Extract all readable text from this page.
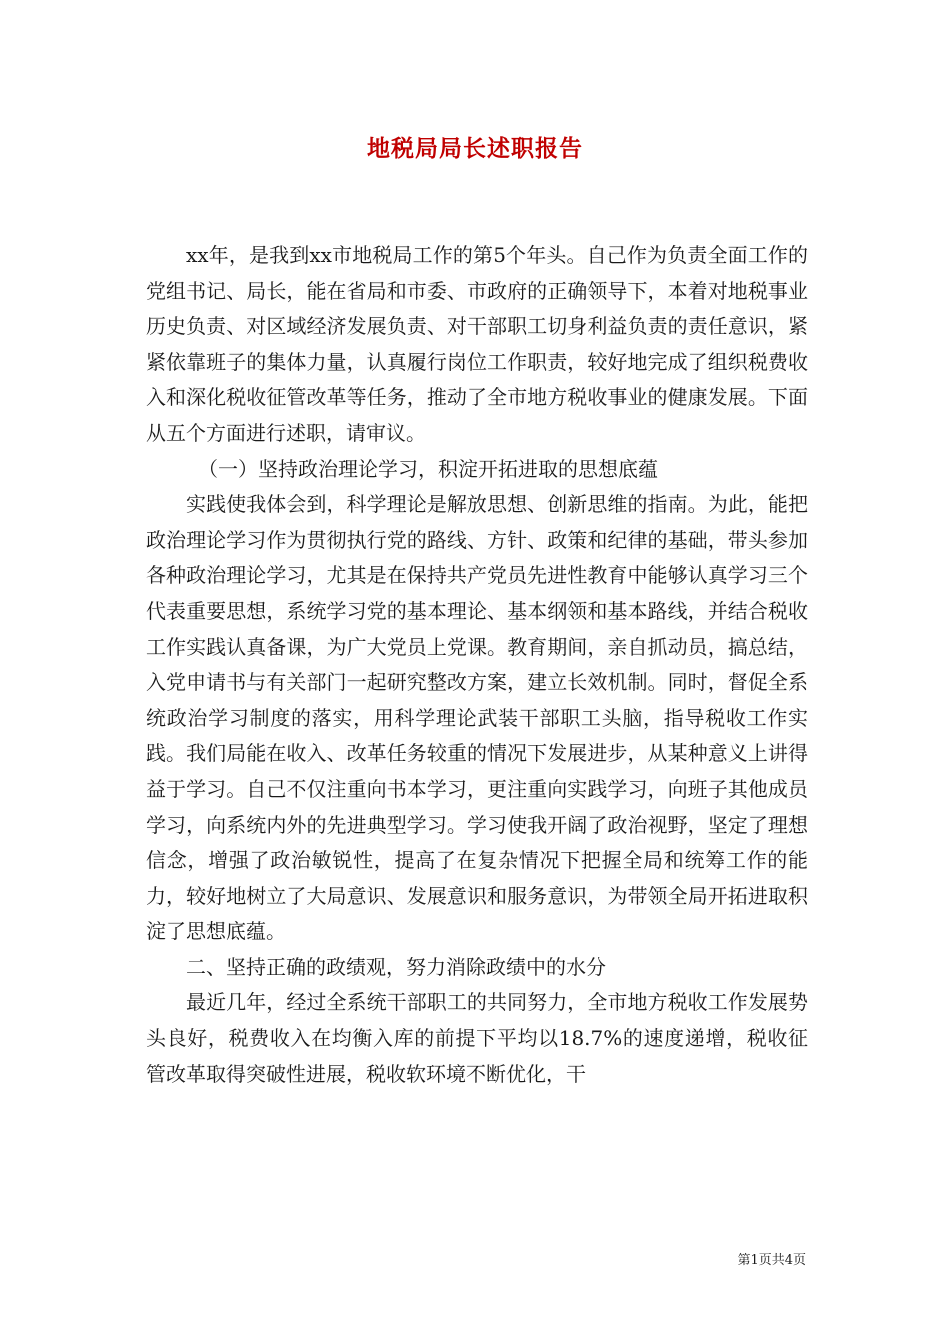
地税局局长述职报告

xx年，是我到xx市地税局工作的第5个年头。自己作为负责全面工作的党组书记、局长，能在省局和市委、市政府的正确领导下，本着对地税事业历史负责、对区域经济发展负责、对干部职工切身利益负责的责任意识，紧紧依靠班子的集体力量，认真履行岗位工作职责，较好地完成了组织税费收入和深化税收征管改革等任务，推动了全市地方税收事业的健康发展。下面从五个方面进行述职，请审议。

（一）坚持政治理论学习，积淀开拓进取的思想底蕴

实践使我体会到，科学理论是解放思想、创新思维的指南。为此，能把政治理论学习作为贯彻执行党的路线、方针、政策和纪律的基础，带头参加各种政治理论学习，尤其是在保持共产党员先进性教育中能够认真学习三个代表重要思想，系统学习党的基本理论、基本纲领和基本路线，并结合税收工作实践认真备课，为广大党员上党课。教育期间，亲自抓动员，搞总结，入党申请书与有关部门一起研究整改方案，建立长效机制。同时，督促全系统政治学习制度的落实，用科学理论武装干部职工头脑，指导税收工作实践。我们局能在收入、改革任务较重的情况下发展进步，从某种意义上讲得益于学习。自己不仅注重向书本学习，更注重向实践学习，向班子其他成员学习，向系统内外的先进典型学习。学习使我开阔了政治视野，坚定了理想信念，增强了政治敏锐性，提高了在复杂情况下把握全局和统筹工作的能力，较好地树立了大局意识、发展意识和服务意识，为带领全局开拓进取积淀了思想底蕴。

二、坚持正确的政绩观，努力消除政绩中的水分

最近几年，经过全系统干部职工的共同努力，全市地方税收工作发展势头良好，税费收入在均衡入库的前提下平均以18.7%的速度递增，税收征管改革取得突破性进展，税收软环境不断优化，干

第1页共4页
